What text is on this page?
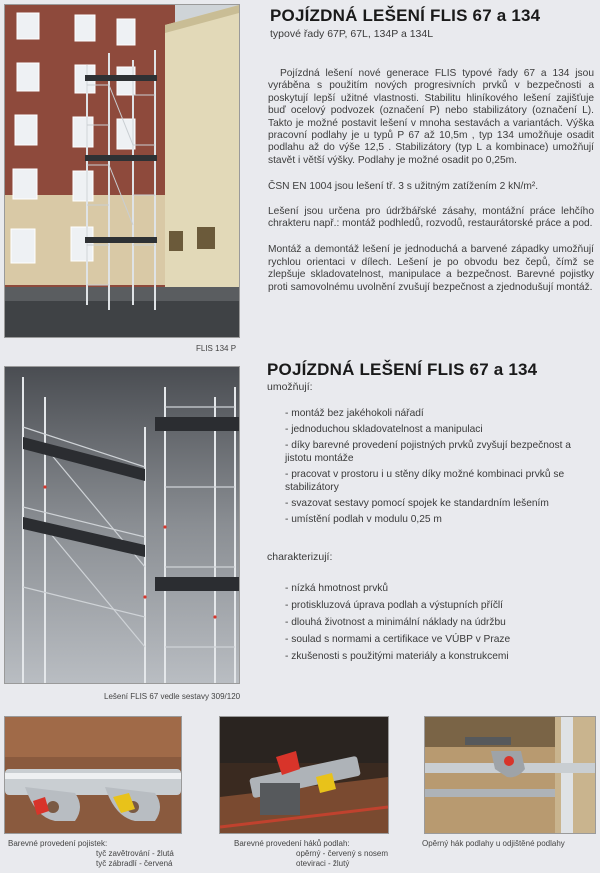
FLIS 134 P
POJÍZDNÁ LEŠENÍ FLIS 67 a 134
typové řady 67P, 67L, 134P a 134L

Pojízdná lešení nové generace FLIS typové řady 67 a 134 jsou vyráběna s použitím nových progresivních prvků v bezpečnosti a poskytují lepší užitné vlastnosti. Stabilitu hliníkového lešení zajišťuje buď ocelový podvozek (označení P) nebo stabilizátory (označení L). Takto je možné postavit lešení v mnoha sestavách a variantách. Výška pracovní podlahy je u typů P 67 až 10,5m , typ 134 umožňuje osadit podlahu až do výše 12,5 . Stabilizátory (typ L a kombinace) umožňují stavět i větší výšky. Podlahy je možné osadit po 0,25m.

ČSN EN 1004 jsou lešení tř. 3 s užitným zatížením 2 kN/m².

Lešení jsou určena pro údržbářské zásahy, montážní práce lehčího chrakteru např.: montáž podhledů, rozvodů, restaurátorské práce a pod.

Montáž a demontáž lešení je jednoduchá a barvené západky umožňují rychlou orientaci v dílech. Lešení je po obvodu bez čepů, čímž se zlepšuje skladovatelnost, manipulace a bezpečnost. Barevné pojistky proti samovolnému uvolnění zvušují bezpečnost a zjednodušují montáž.

Lešení FLIS 67 vedle sestavy 309/120
POJÍZDNÁ LEŠENÍ FLIS 67 a 134
umožňují:
- montáž bez jakéhokoli nářadí
- jednoduchou skladovatelnost a manipulaci
- díky barevné provedení pojistných prvků zvyšují bezpečnost a jistotu montáže
- pracovat v prostoru i u stěny díky možné kombinaci prvků se stabilizátory
- svazovat sestavy pomocí spojek ke standardním lešením
- umístění podlah v modulu 0,25 m
charakterizují:
- nízká hmotnost prvků
- protiskluzová úprava podlah a výstupních příčlí
- dlouhá životnost a minimální náklady na údržbu
- soulad s normami a certifikace ve VÚBP v Praze
- zkušenosti s použitými materiály a konstrukcemi
Barevné provedení pojistek:
tyč zavětrování - žlutá
tyč zábradlí - červená
Barevné provedení háků podlah:
opěrný - červený s nosem
oteviraci - žlutý
Opěrný hák podlahy u odjištěné podlahy
